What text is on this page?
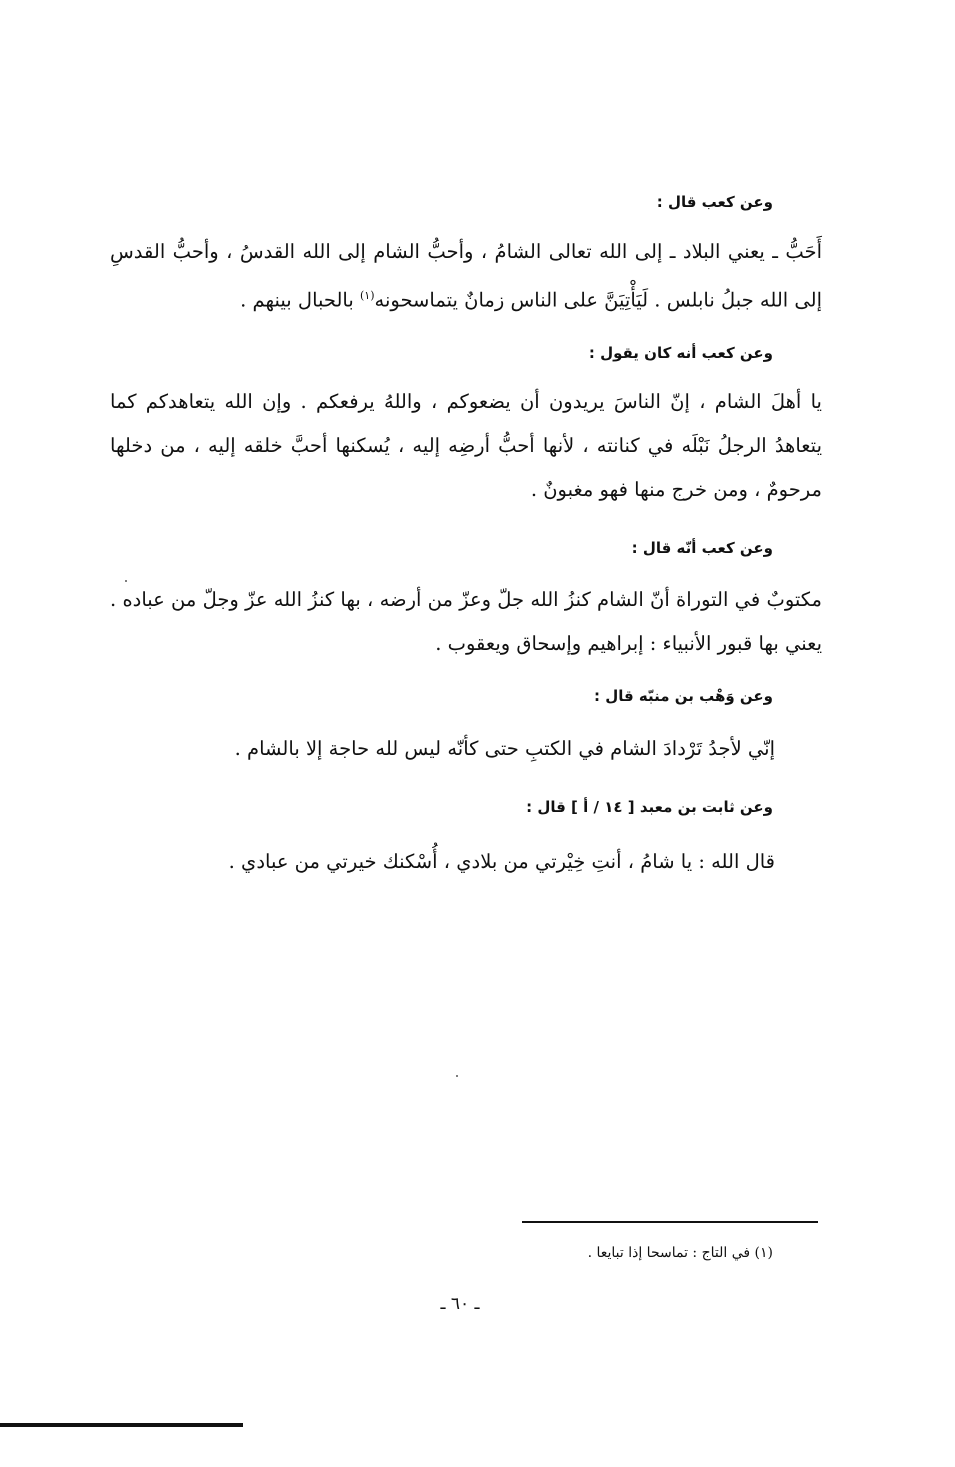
وعن كعب قال :
أَحَبُّ ـ يعني البلاد ـ إلى الله تعالى الشامُ ، وأحبُّ الشام إلى الله القدسُ ، وأحبُّ القدسِ إلى الله جبلُ نابلس . لَيَأْتِيَنَّ على الناس زمانٌ يتماسحونه$^{(١)}$ بالحبال بينهم .
وعن كعب أنه كان يقول :
يا أهلَ الشام ، إنّ الناسَ يريدون أن يضعوكم ، واللهُ يرفعكم . وإن الله يتعاهدكم كما يتعاهدُ الرجلُ نَبْلَه في كنانته ، لأنها أحبُّ أرضِه إليه ، يُسكنها أحبَّ خلقه إليه ، من دخلها مرحومٌ ، ومن خرج منها فهو مغبونٌ .
وعن كعب أنّه قال :
مكتوبٌ في التوراة أنّ الشام كنزُ الله جلّ وعزّ من أرضه ، بها كنزُ الله عزّ وجلّ من عباده . يعني بها قبور الأنبياء : إبراهيم وإسحاق ويعقوب .
وعن وَهْب بن منبّه قال :
إنّي لأجدُ تَرْدادَ الشام في الكتبِ حتى كأنّه ليس لله حاجة إلا بالشام .
وعن ثابت بن معبد [ ١٤ / أ ] قال :
قال الله : يا شامُ ، أنتِ خِيْرتي من بلادي ، أُسْكنك خيرتي من عبادي .
(١) في التاج : تماسحا إذا تبايعا .
ـ ٦٠ ـ
